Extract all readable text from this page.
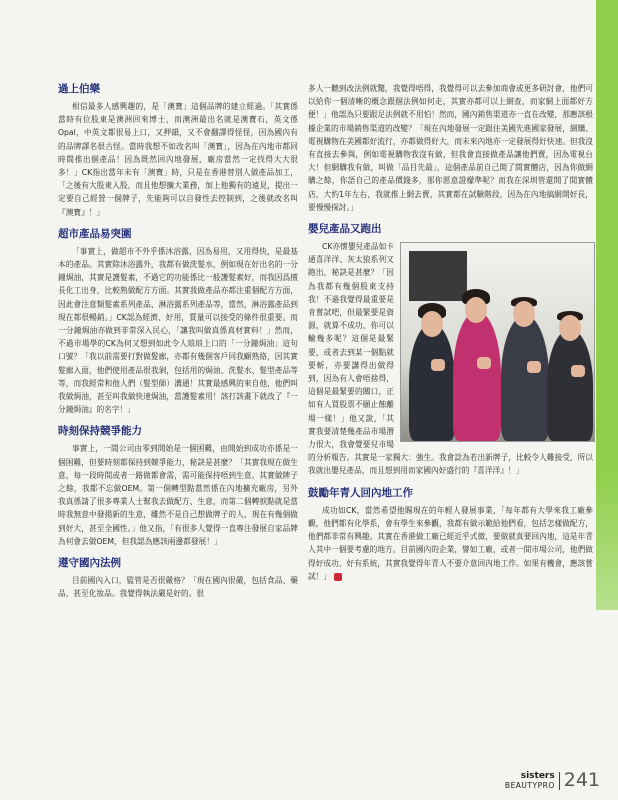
過上伯樂

相信最多人感興趣的，是「澳寶」這個品牌的建立經過。「其實係當時有位股東是澳洲回來博士，而澳洲最出名就是澳寶石，英文係Opal，中英文都很易上口，又押韻，又不會翻譯得怪怪，因為國內有的品牌譯名很古怪。當時我想不如改名叫「澳寶」，因為在內地市都同時間推出個產品！因為既然回內地發展，廠房當然一定找得大大很多！」CK指出當年未有「澳寶」時，只是在香港替別人做產品加工，「之後有大股東入股，而且他想擴大業務，加上他獨有的遠見，提出一定要自己經營一個牌子，先能夠可以自發性去控制到，之後就改名叫『澳寶』！」

超市產品易突圍

「事實上，做超市不外乎係沐浴露，因為易用，又用得快，是最基本的產品。其實除沐浴露外，我都有做洗髮水，例如現在好出名的一分鐘焗油，其實是護髮素，不過它的功能係比一般護髮素好，而我因爲擅長化工出身，比較熟做配方方面。其實我做產品亦都注重個配方方面，因此會注意類髮素系列產品、淋浴露系列產品等，當然，淋浴露產品到現在都很暢銷。」CK認為經濟、好用，質量可以接受的條件很重要。而一分鐘焗油亦做到非常深入民心，「讓我叫做真係真材實料！」然而，不過市場學的CK為何又想到如此令人琅琅上口的「一分鐘焗油」這句口號？「我以前需要打對做髮廊，亦都有幾個客戶同我顧熟絡，因其實髮廊入面，他們使用產品很我剝，包括用的焗油、洗髮水、髮型產品等等，而我經常和他人們（髮型師）溝通！其實最感興的來自他，他們叫我做焗油，甚至叫我做快速焗油，當護髮素用！該打該畫下就改了『一分鐘焗油』的名字！」

時刻保持競爭能力

事實上，一間公司由零到開始是一個困難，由開始到成功亦係是一個困難，但要時刻都保持到競爭能力，秘訣是甚麼？「其實我現在做生意，每一段時間或者一路做都會需，需可能保持唔到生意。其實做牌子之餘，我都不忘做OEM。第一個轉型點當然係在內地擴充廠房，另外我真係請了很多專業人士幫我去做配方、生意，而第二個轉捩點就是當時我無意中發揚新的生意，雖然不是自己想做牌子的人，現在有幾個做到好大，甚至全國性。」他又指，「有很多人覺得一直專注發展自家品牌為何會去做OEM，但我認為應該兩邊都發展！」

遵守國內法例

目前國內入口，監管是否很嚴格？「現在國內很嚴，包括食品、藥品，甚至化妝品。我覺得執法嚴是好的。很

多人一聽到改法例就驚，我覺得唔得，我覺得可以去參加商會或更多研討會，他們可以給你一個清晰的概念跟個法例如何走，其實亦都可以上網查，而家網上面都好方便！」他認為只要跟足法例就不用怕！然而，國內銷售渠道亦一直在改變，那應該根據企業的市場銷售渠道的改變？「現在內地發展一定跟住美國先進國家發展，網購、電視購物在美國都好流行，亦都做得好大，而未來內地亦一定發展得好快速。但我沒有直接去參與，例如電視購物我沒有做，但我會直接做產品讓他們賣，因為電視台大！但網購我有做，叫做「品目先最」，這個產品前自己開了間實體店，因為你做網購之餘，你語自己的產品價錢多，那你愿意證檬準呢？而我在深圳管還開了間實體店，大約1年左右，我就推上網去賣，其實都在試驗階段，因為在內地搞網開好長，要慢慢探討。」

嬰兒產品又跑出

CK亦懷嬰兒產品如卡通喜洋洋、灰太狼系列又跑出，秘訣是甚麼？「因為我都有幾個股東支持我！不過我覺得最重要是肯嘗試吧，但最緊要是資源，就算不成功，你可以輸幾多呢？這個是最緊要，或者去到某一個點就要斬，亦要講得出做得到，因為有人會唔捨得，這個是最緊要的關口，正如有人買股票不願止蝕離場一樣！」他又說，「其實我要清楚幾產品市場潛力很大，我會覺要兒市場的分析報告。其實是一家獨大：強生。我會諗為若出新牌子，比較令人難接受，所以我就出嬰兒產品，而且想到用而家國內好盛行的『喜洋洋』！」

鼓勵年青人回內地工作

成功如CK，當然希望他賜現在的年輕人發展事業，「每年都有大學來我工廠參觀，他們都有化學系，會有學生來參觀，我都有做示範給他們看，包括怎樣做配方，他們都非常有興趣。其實在香港做工廠已經近乎式微，要做就真要回內地，這是年青人其中一個要考慮的地方。目前國內的企業，譬如工廠，或者一間市場公司，他們做得好成功、好有系統，其實我覺得年青人不要介意回內地工作。如果有機會，應該嘗試！」	S

sisters
BEAUTYPRO 241
